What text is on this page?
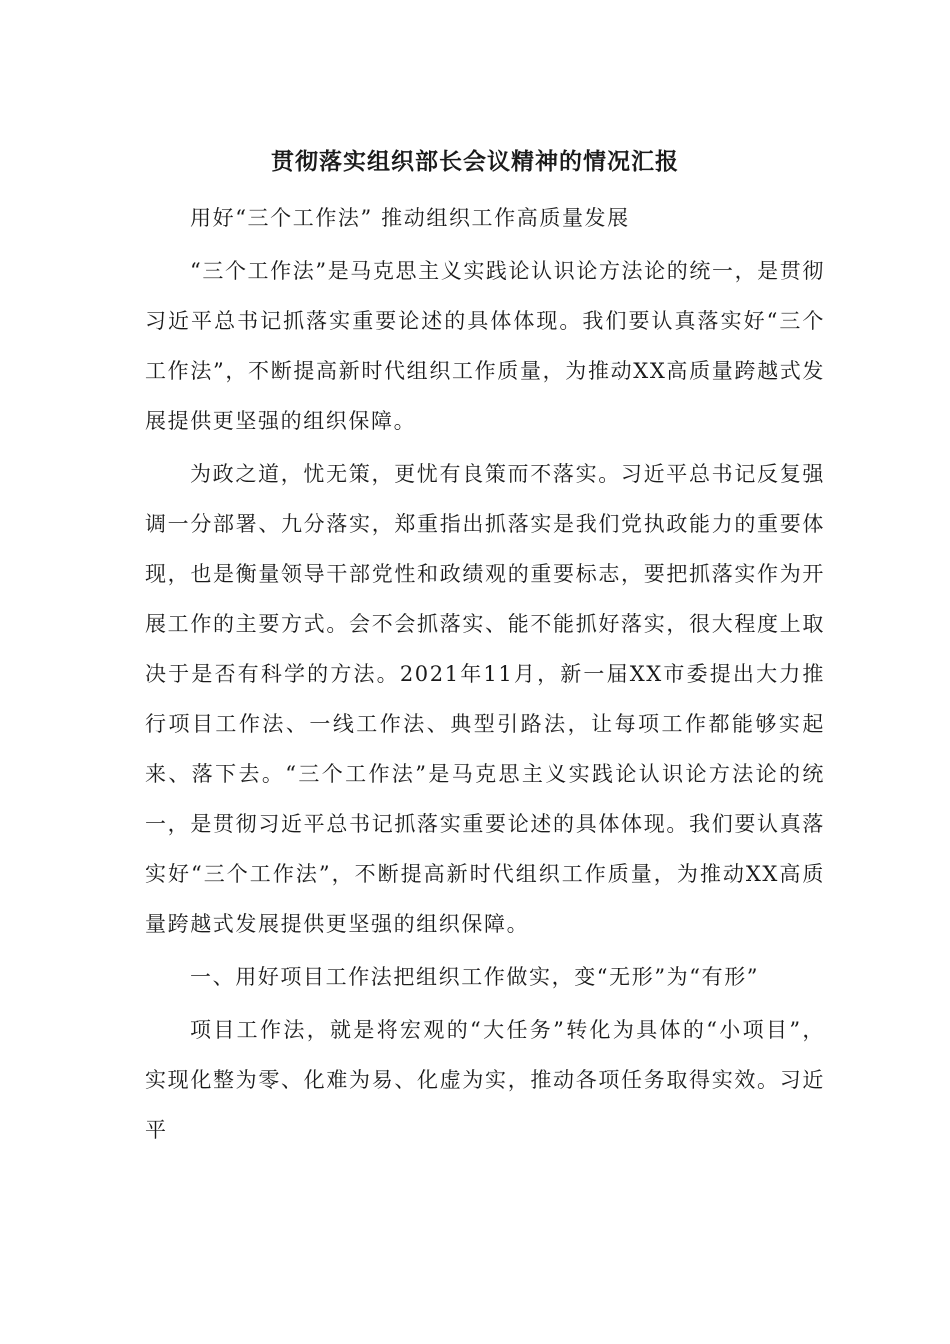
贯彻落实组织部长会议精神的情况汇报

用好“三个工作法” 推动组织工作高质量发展

“三个工作法”是马克思主义实践论认识论方法论的统一，是贯彻习近平总书记抓落实重要论述的具体体现。我们要认真落实好“三个工作法”，不断提高新时代组织工作质量，为推动XX高质量跨越式发展提供更坚强的组织保障。

为政之道，忧无策，更忧有良策而不落实。习近平总书记反复强调一分部署、九分落实，郑重指出抓落实是我们党执政能力的重要体现，也是衡量领导干部党性和政绩观的重要标志，要把抓落实作为开展工作的主要方式。会不会抓落实、能不能抓好落实，很大程度上取决于是否有科学的方法。2021年11月，新一届XX市委提出大力推行项目工作法、一线工作法、典型引路法，让每项工作都能够实起来、落下去。“三个工作法”是马克思主义实践论认识论方法论的统一，是贯彻习近平总书记抓落实重要论述的具体体现。我们要认真落实好“三个工作法”，不断提高新时代组织工作质量，为推动XX高质量跨越式发展提供更坚强的组织保障。

一、用好项目工作法把组织工作做实，变“无形”为“有形”

项目工作法，就是将宏观的“大任务”转化为具体的“小项目”，实现化整为零、化难为易、化虚为实，推动各项任务取得实效。习近平
